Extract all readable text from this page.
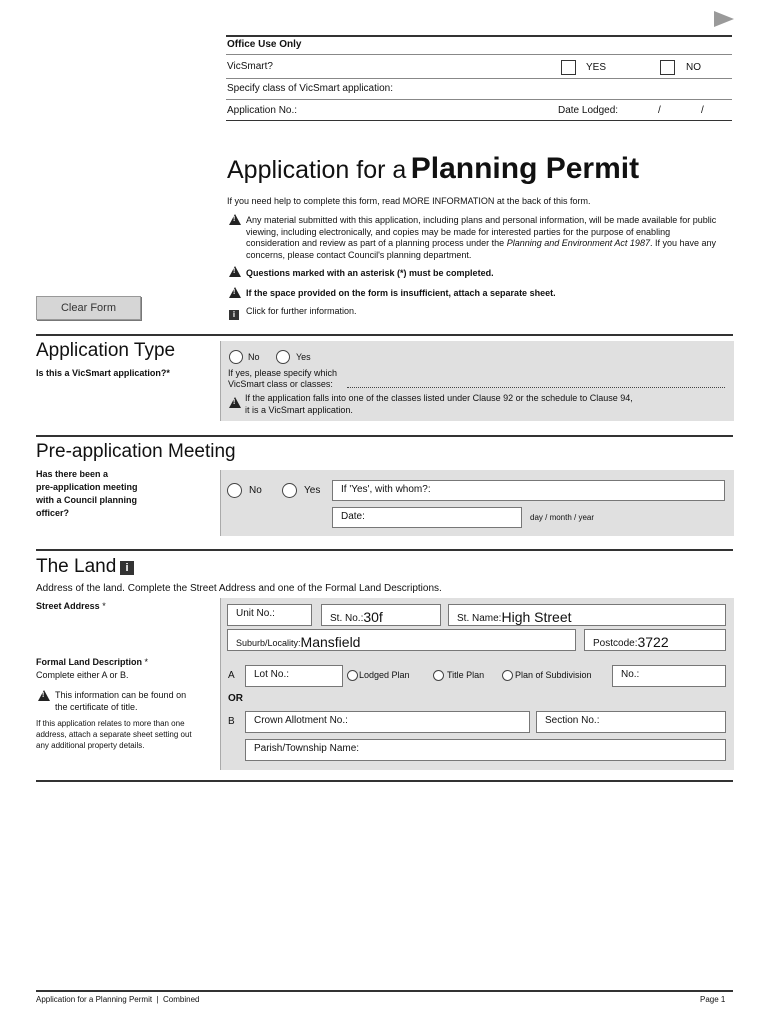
Office Use Only
VicSmart?	YES	NO
Specify class of VicSmart application:
Application No.:	Date Lodged:	/	/
Application for a Planning Permit
If you need help to complete this form, read MORE INFORMATION at the back of this form.
!
Any material submitted with this application, including plans and personal information, will be made available for public viewing, including electronically, and copies may be made for interested parties for the purpose of enabling consideration and review as part of a planning process under the Planning and Environment Act 1987. If you have any concerns, please contact Council's planning department.
!
Questions marked with an asterisk (*) must be completed.
!
If the space provided on the form is insufficient, attach a separate sheet.
Clear Form
i	Click for further information.
Application Type
Is this a VicSmart application?*
No	Yes
If yes, please specify which
VicSmart class or classes:
!
If the application falls into one of the classes listed under Clause 92 or the schedule to Clause 94,
it is a VicSmart application.
Pre-application Meeting
Has there been a
pre-application meeting
with a Council planning
officer?
No	Yes	If 'Yes', with whom?:
Date:	day / month / year
The Land i
Address of the land. Complete the Street Address and one of the Formal Land Descriptions.
Street Address *
Unit No.:	St. No.:30f	St. Name:High Street
Suburb/Locality:Mansfield	Postcode:3722
Formal Land Description *
Complete either A or B.
!
This information can be found on
the certificate of title.
If this application relates to more than one
address, attach a separate sheet setting out
any additional property details.
A	Lot No.:	Lodged Plan	Title Plan	Plan of Subdivision	No.:
OR
B	Crown Allotment No.:	Section No.:
Parish/Township Name:
Application for a Planning Permit  |  Combined	Page 1
